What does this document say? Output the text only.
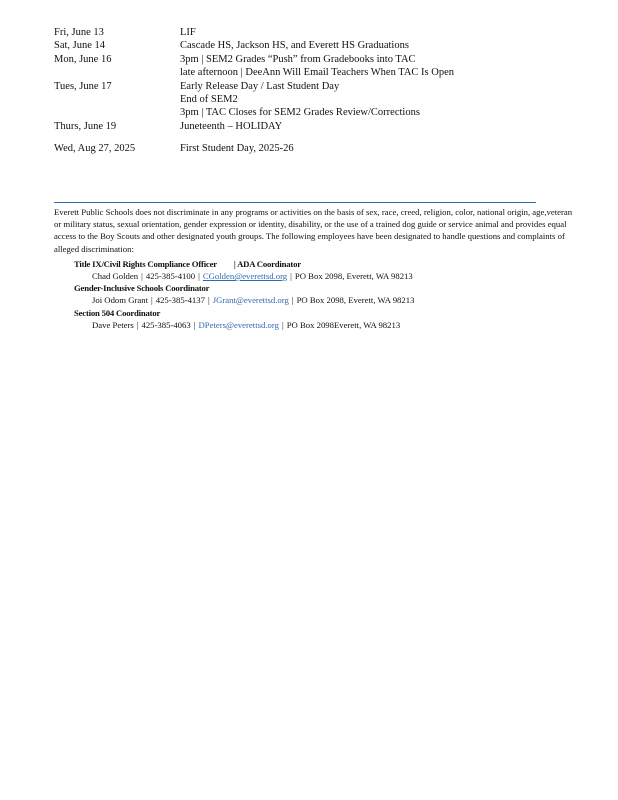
Fri, June 13	LIF
Sat, June 14	Cascade HS, Jackson HS, and Everett HS Graduations
Mon, June 16	3pm | SEM2 Grades “Push” from Gradebooks into TAC
late afternoon | DeeAnn Will Email Teachers When TAC Is Open
Tues, June 17	Early Release Day / Last Student Day
End of SEM2
3pm | TAC Closes for SEM2 Grades Review/Corrections
Thurs, June 19	Juneteenth – HOLIDAY
Wed, Aug 27, 2025	First Student Day, 2025-26

Everett Public Schools does not discriminate in any programs or activities on the basis of sex, race, creed, religion, color, national origin, age,veteran or military status, sexual orientation, gender expression or identity, disability, or the use of a trained dog guide or service animal and provides equal access to the Boy Scouts and other designated youth groups. The following employees have been designated to handle questions and complaints of alleged discrimination:

Title IX/Civil Rights Compliance Officer  | ADA Coordinator
Chad Golden | 425-385-4100 | CGolden@everettsd.org | PO Box 2098, Everett, WA 98213
Gender-Inclusive Schools Coordinator
Joi Odom Grant | 425-385-4137 | JGrant@everettsd.org | PO Box 2098, Everett, WA 98213
Section 504 Coordinator
Dave Peters | 425-385-4063 | DPeters@everettsd.org | PO Box 2098Everett, WA 98213
